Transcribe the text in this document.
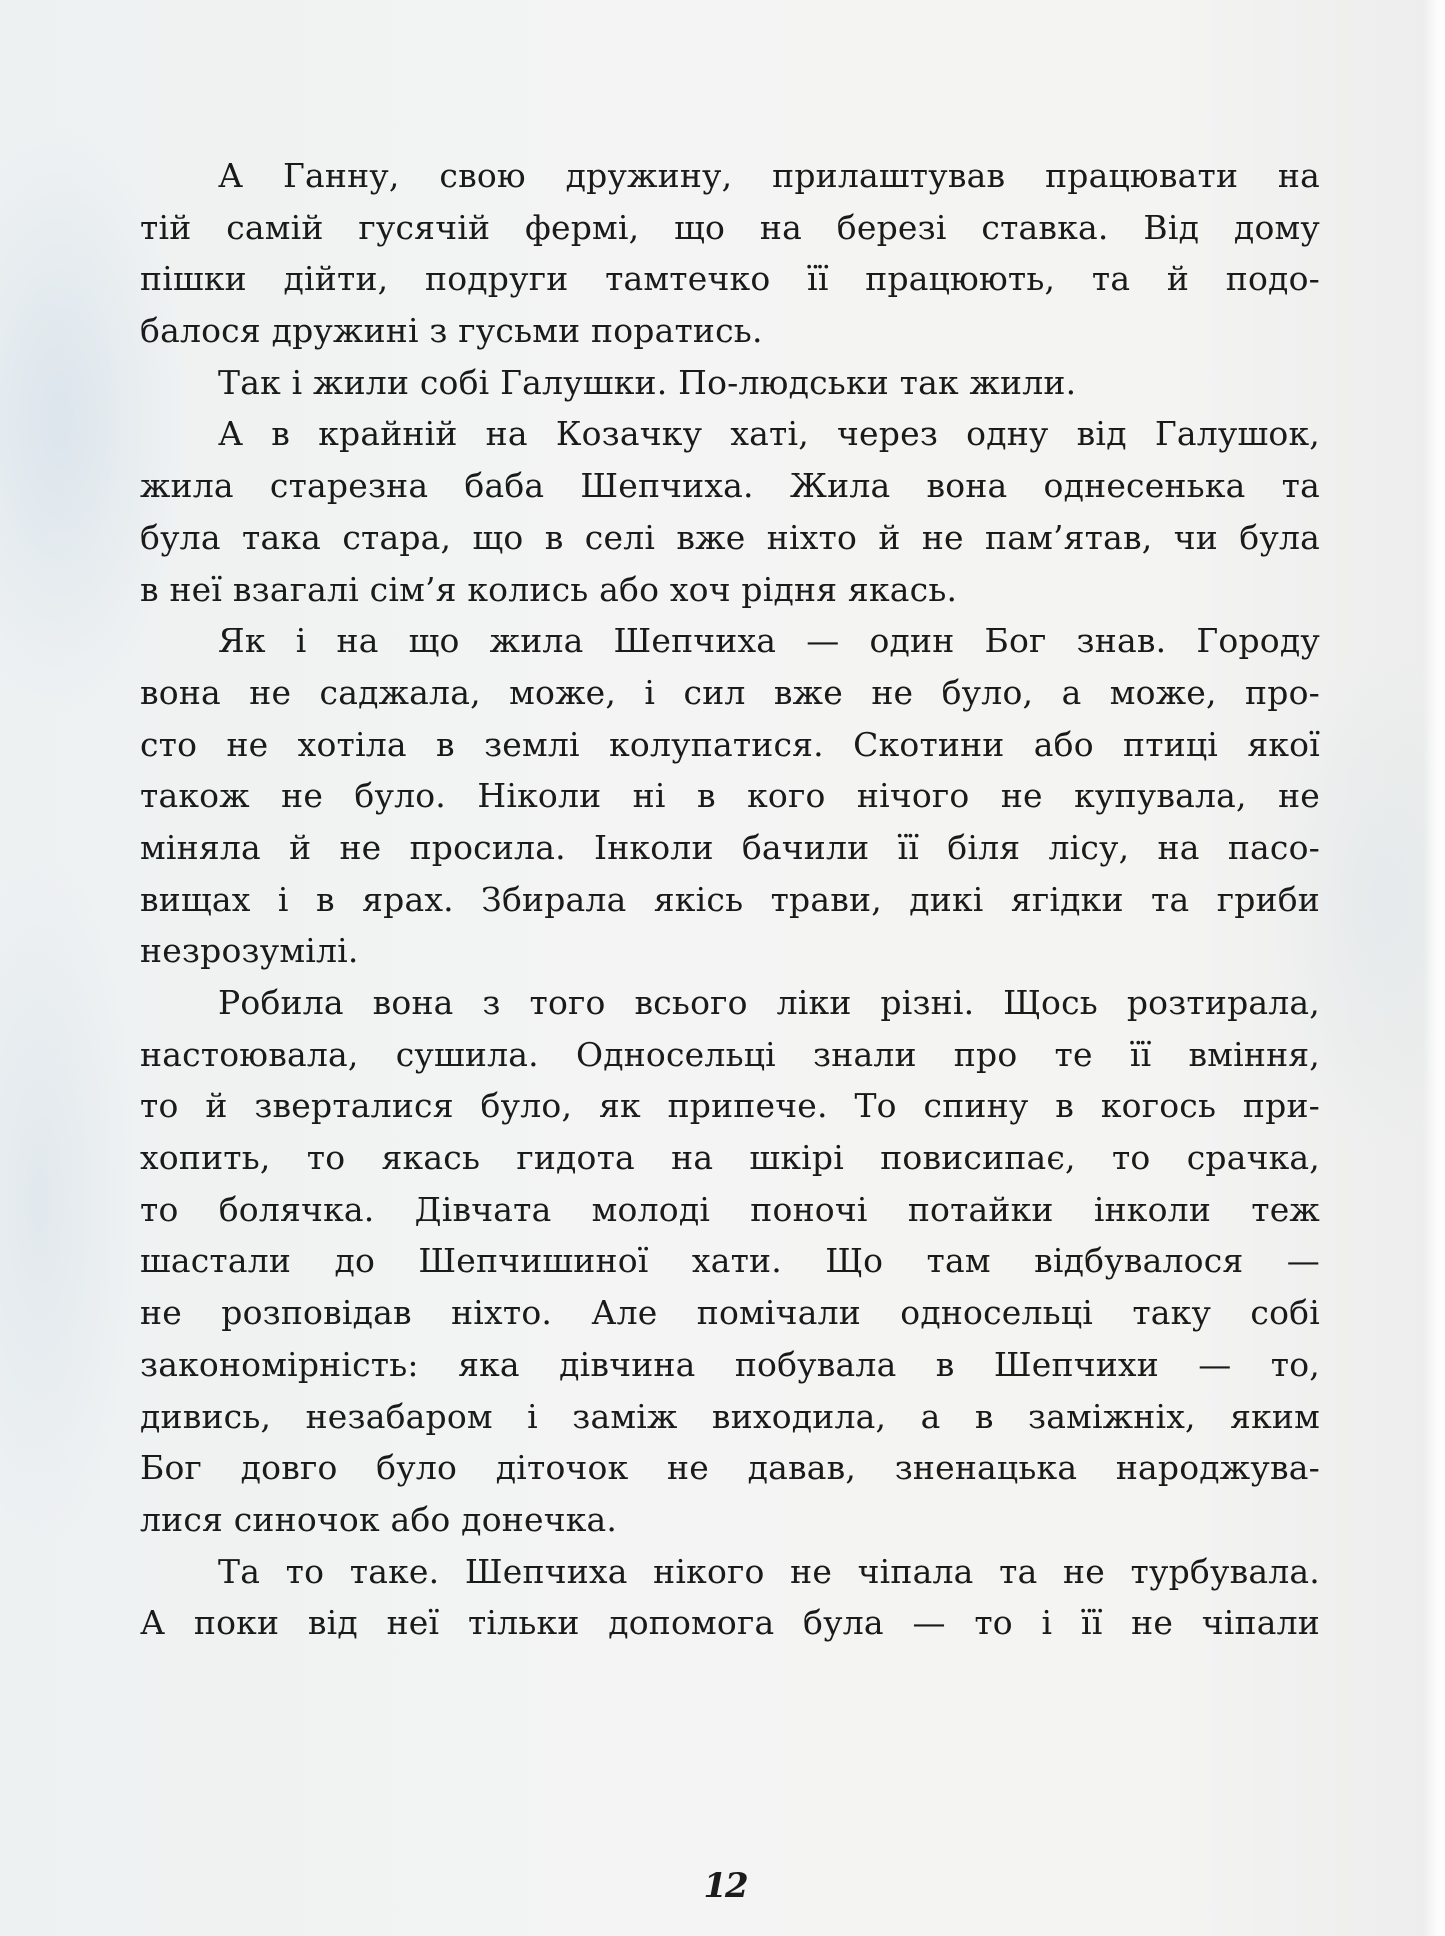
А Ганну, свою дружину, прилаштував працювати на
тій самій гусячій фермі, що на березі ставка. Від дому
пішки дійти, подруги тамтечко її працюють, та й подо-
балося дружині з гусьми поратись.
Так і жили собі Галушки. По-людськи так жили.
А в крайній на Козачку хаті, через одну від Галушок,
жила старезна баба Шепчиха. Жила вона однесенька та
була така стара, що в селі вже ніхто й не пам’ятав, чи була
в неї взагалі сім’я колись або хоч рідня якась.
Як і на що жила Шепчиха — один Бог знав. Городу
вона не саджала, може, і сил вже не було, а може, про-
сто не хотіла в землі колупатися. Скотини або птиці якої
також не було. Ніколи ні в кого нічого не купувала, не
міняла й не просила. Інколи бачили її біля лісу, на пасо-
вищах і в ярах. Збирала якісь трави, дикі ягідки та гриби
незрозумілі.
Робила вона з того всього ліки різні. Щось розтирала,
настоювала, сушила. Односельці знали про те її вміння,
то й зверталися було, як припече. То спину в когось при-
хопить, то якась гидота на шкірі повисипає, то срачка,
то болячка. Дівчата молоді поночі потайки інколи теж
шастали до Шепчишиної хати. Що там відбувалося —
не розповідав ніхто. Але помічали односельці таку собі
закономірність: яка дівчина побувала в Шепчихи — то,
дивись, незабаром і заміж виходила, а в заміжніх, яким
Бог довго було діточок не давав, зненацька народжува-
лися синочок або донечка.
Та то таке. Шепчиха нікого не чіпала та не турбувала.
А поки від неї тільки допомога була — то і її не чіпали
12
